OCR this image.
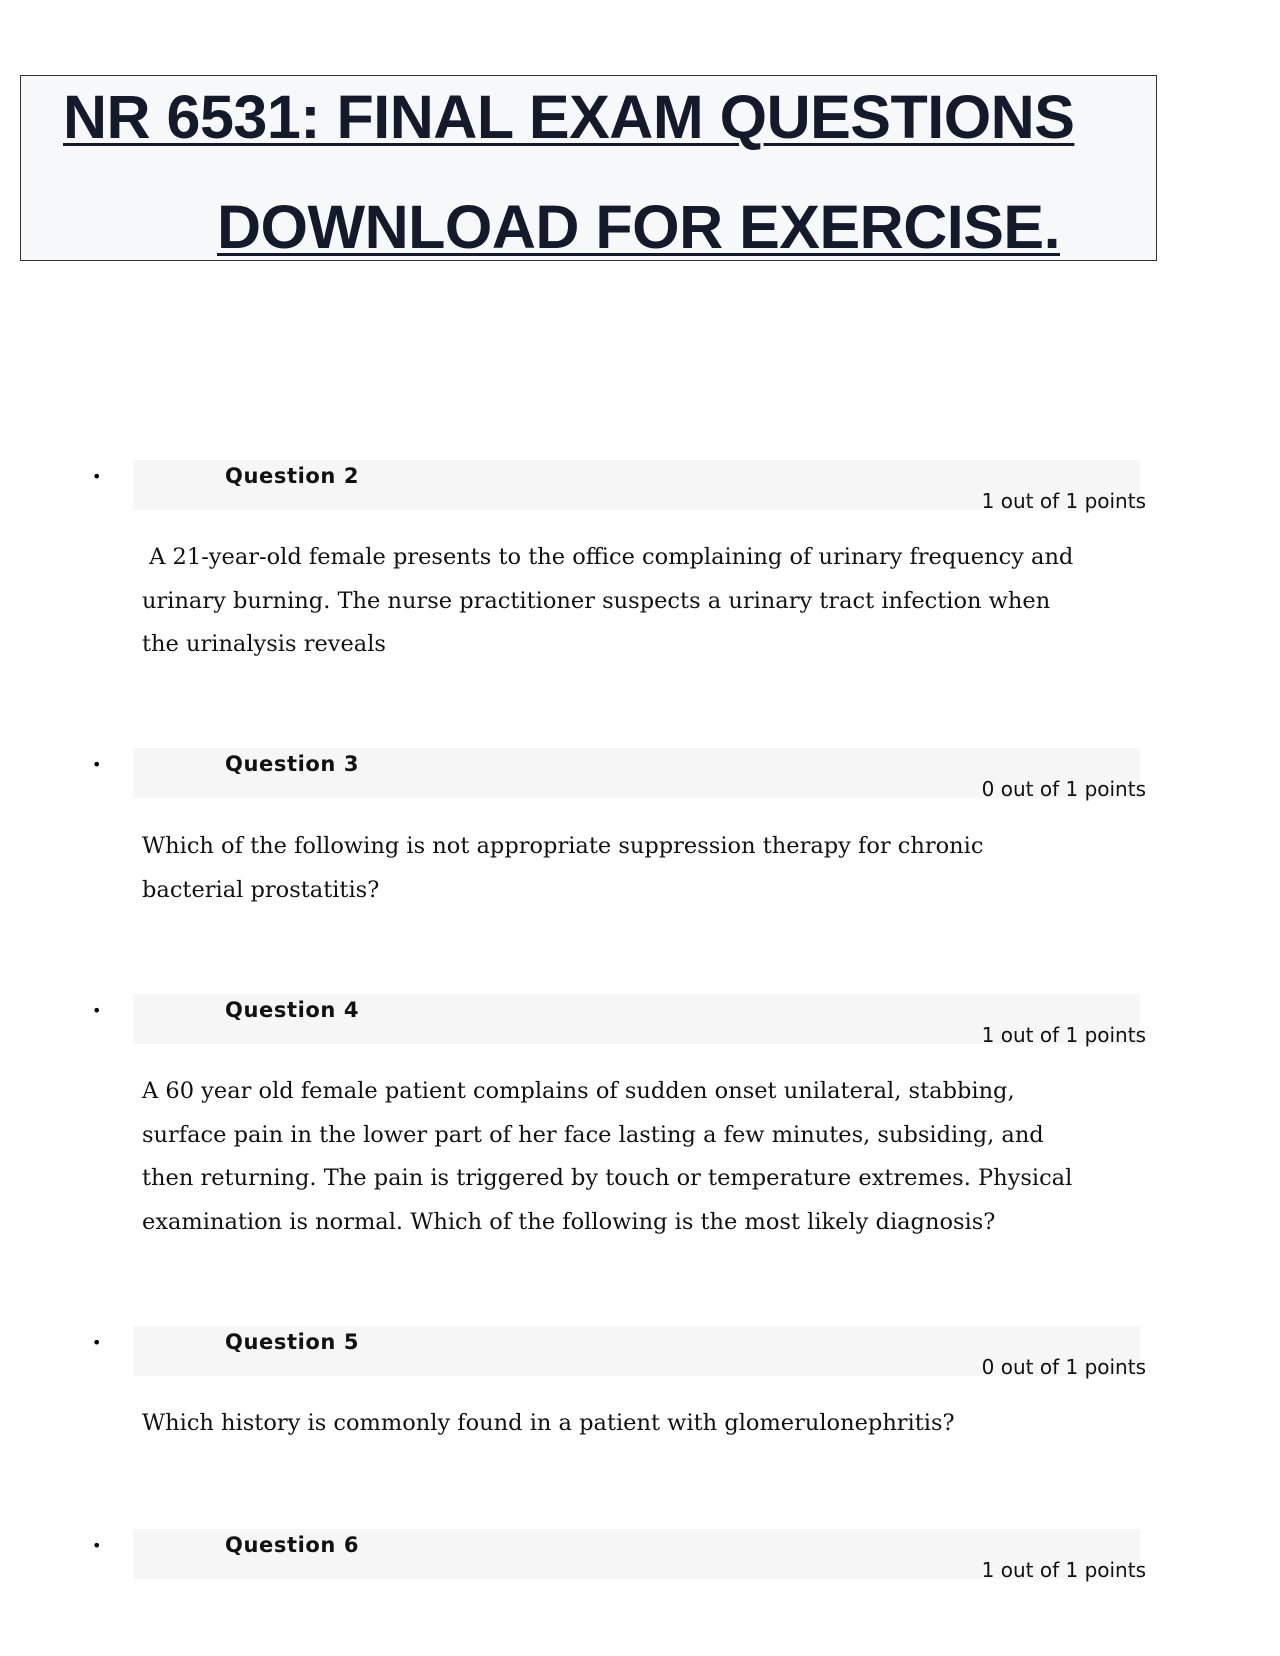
NR 6531: FINAL EXAM QUESTIONS
DOWNLOAD FOR EXERCISE.
•	Question 2
1 out of 1 points
A 21-year-old female presents to the office complaining of urinary frequency and urinary burning. The nurse practitioner suspects a urinary tract infection when the urinalysis reveals
•	Question 3
0 out of 1 points
Which of the following is not appropriate suppression therapy for chronic bacterial prostatitis?
•	Question 4
1 out of 1 points
A 60 year old female patient complains of sudden onset unilateral, stabbing, surface pain in the lower part of her face lasting a few minutes, subsiding, and then returning. The pain is triggered by touch or temperature extremes. Physical examination is normal. Which of the following is the most likely diagnosis?
•	Question 5
0 out of 1 points
Which history is commonly found in a patient with glomerulonephritis?
•	Question 6
1 out of 1 points
